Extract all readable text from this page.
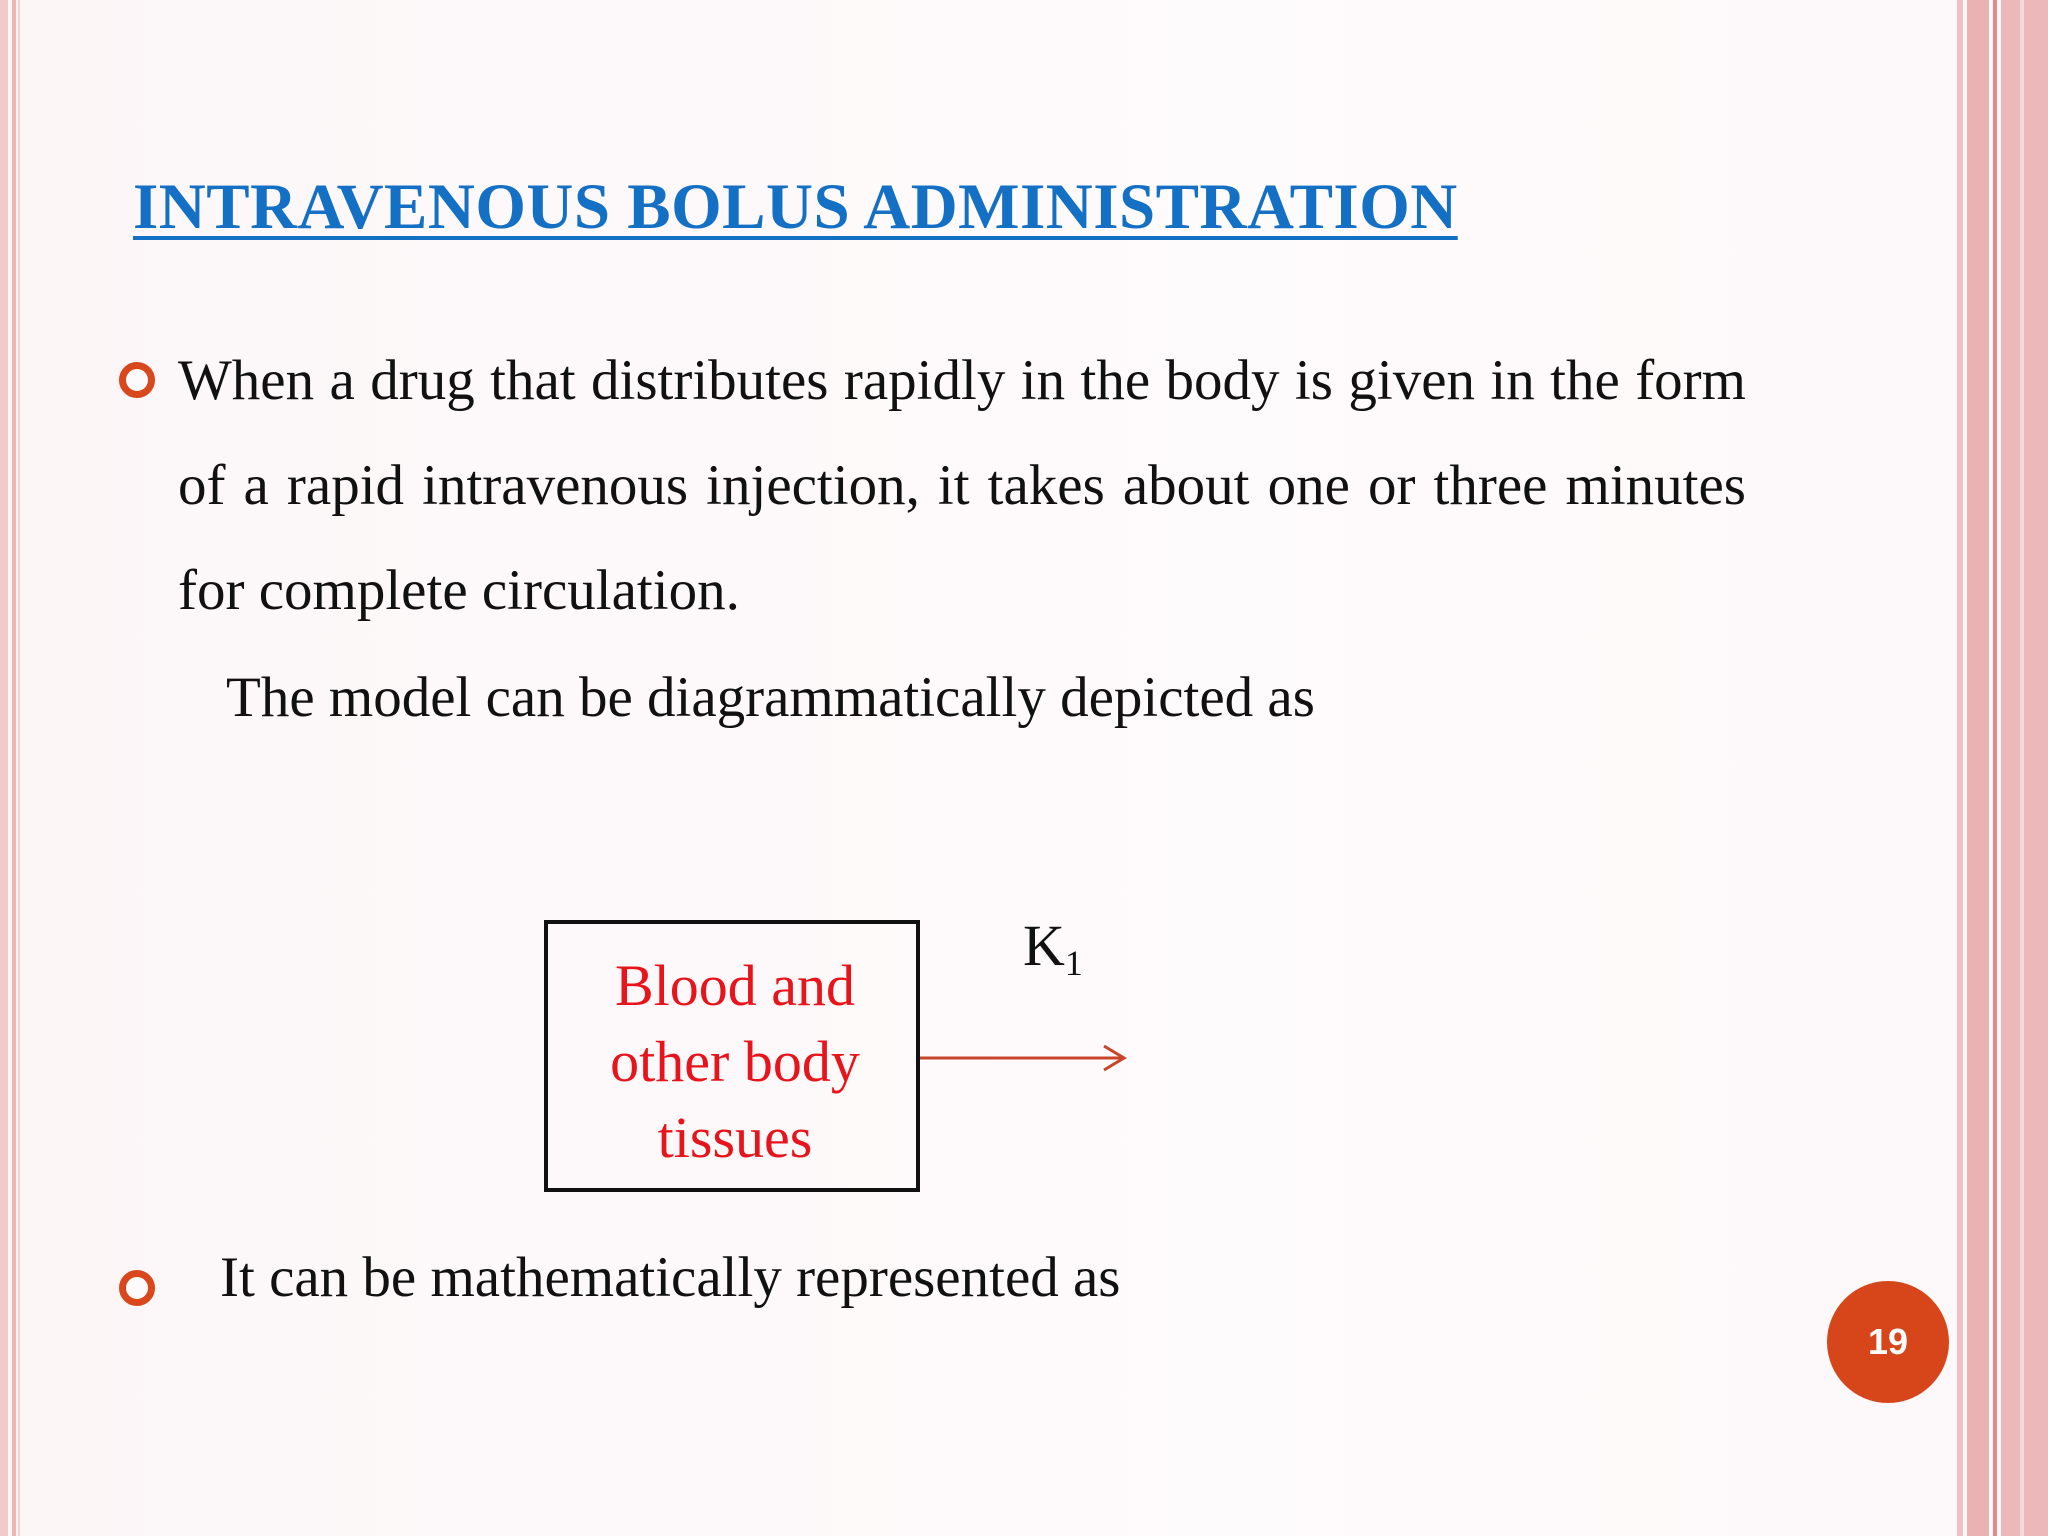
INTRAVENOUS BOLUS ADMINISTRATION
When a drug that distributes rapidly in the body is given in the form of a rapid intravenous injection, it takes about one or three minutes for complete circulation.
The model can be diagrammatically depicted as
Blood and
other body
tissues
$K_1$
It can be mathematically represented as
19
